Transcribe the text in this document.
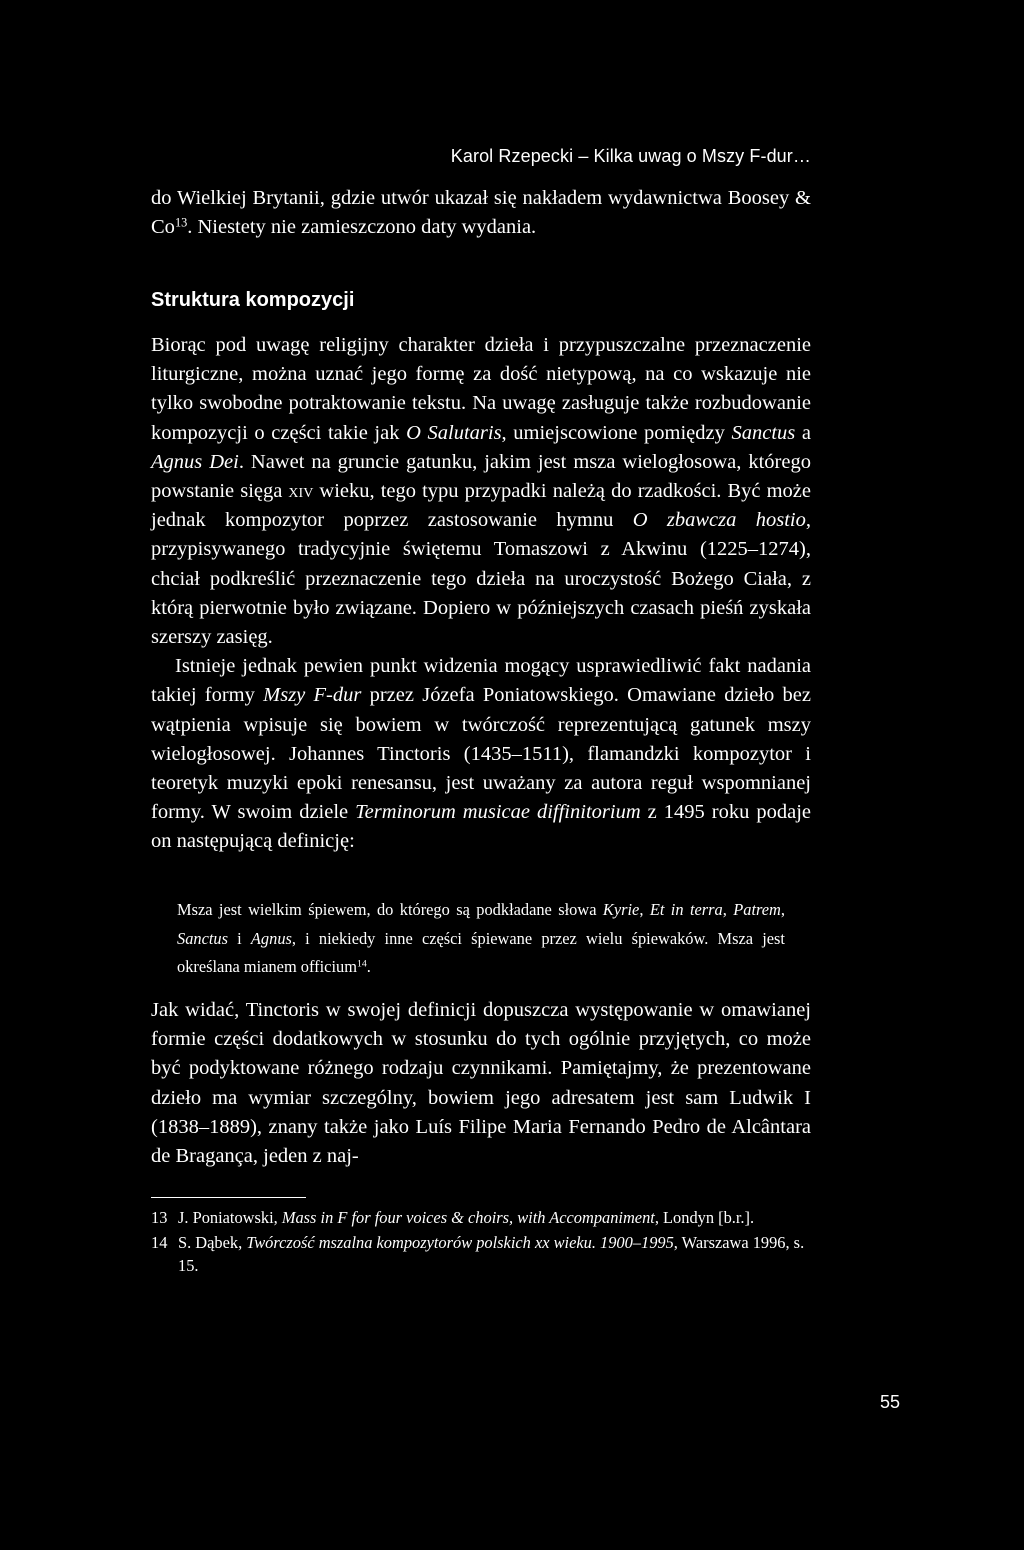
Karol Rzepecki – Kilka uwag o Mszy F-dur…

do Wielkiej Brytanii, gdzie utwór ukazał się nakładem wydawnictwa Boosey & Co$^{13}$. Niestety nie zamieszczono daty wydania.

Struktura kompozycji

Biorąc pod uwagę religijny charakter dzieła i przypuszczalne przeznaczenie liturgiczne, można uznać jego formę za dość nietypową, na co wskazuje nie tylko swobodne potraktowanie tekstu. Na uwagę zasługuje także rozbudowanie kompozycji o części takie jak O Salutaris, umiejscowione pomiędzy Sanctus a Agnus Dei. Nawet na gruncie gatunku, jakim jest msza wielogłosowa, którego powstanie sięga xiv wieku, tego typu przypadki należą do rzadkości. Być może jednak kompozytor poprzez zastosowanie hymnu O zbawcza hostio, przypisywanego tradycyjnie świętemu Tomaszowi z Akwinu (1225–1274), chciał podkreślić przeznaczenie tego dzieła na uroczystość Bożego Ciała, z którą pierwotnie było związane. Dopiero w późniejszych czasach pieśń zyskała szerszy zasięg.

Istnieje jednak pewien punkt widzenia mogący usprawiedliwić fakt nadania takiej formy Mszy F-dur przez Józefa Poniatowskiego. Omawiane dzieło bez wątpienia wpisuje się bowiem w twórczość reprezentującą gatunek mszy wielogłosowej. Johannes Tinctoris (1435–1511), flamandzki kompozytor i teoretyk muzyki epoki renesansu, jest uważany za autora reguł wspomnianej formy. W swoim dziele Terminorum musicae diffinitorium z 1495 roku podaje on następującą definicję:

Msza jest wielkim śpiewem, do którego są podkładane słowa Kyrie, Et in terra, Patrem, Sanctus i Agnus, i niekiedy inne części śpiewane przez wielu śpiewaków. Msza jest określana mianem officium$^{14}$.

Jak widać, Tinctoris w swojej definicji dopuszcza występowanie w omawianej formie części dodatkowych w stosunku do tych ogólnie przyjętych, co może być podyktowane różnego rodzaju czynnikami. Pamiętajmy, że prezentowane dzieło ma wymiar szczególny, bowiem jego adresatem jest sam Ludwik I (1838–1889), znany także jako Luís Filipe Maria Fernando Pedro de Alcântara de Bragança, jeden z naj-

13 J. Poniatowski, Mass in F for four voices & choirs, with Accompaniment, Londyn [b.r.].
14 S. Dąbek, Twórczość mszalna kompozytorów polskich xx wieku. 1900–1995, Warszawa 1996, s. 15.
55
